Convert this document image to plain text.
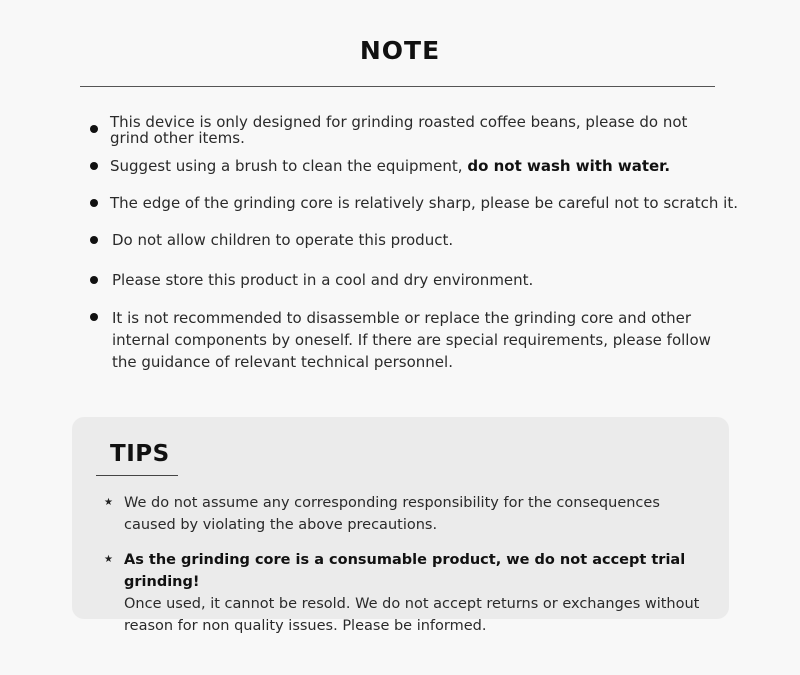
NOTE
This device is only designed for grinding roasted coffee beans, please do not
grind other items.
Suggest using a brush to clean the equipment, do not wash with water.
The edge of the grinding core is relatively sharp, please be careful not to scratch it.
Do not allow children to operate this product.
Please store this product in a cool and dry environment.
It is not recommended to disassemble or replace the grinding core and other
internal components by oneself. If there are special requirements, please follow
the guidance of relevant technical personnel.
TIPS
★ We do not assume any corresponding responsibility for the consequences
caused by violating the above precautions.
★ As the grinding core is a consumable product, we do not accept trial grinding!
Once used, it cannot be resold. We do not accept returns or exchanges without
reason for non quality issues. Please be informed.
